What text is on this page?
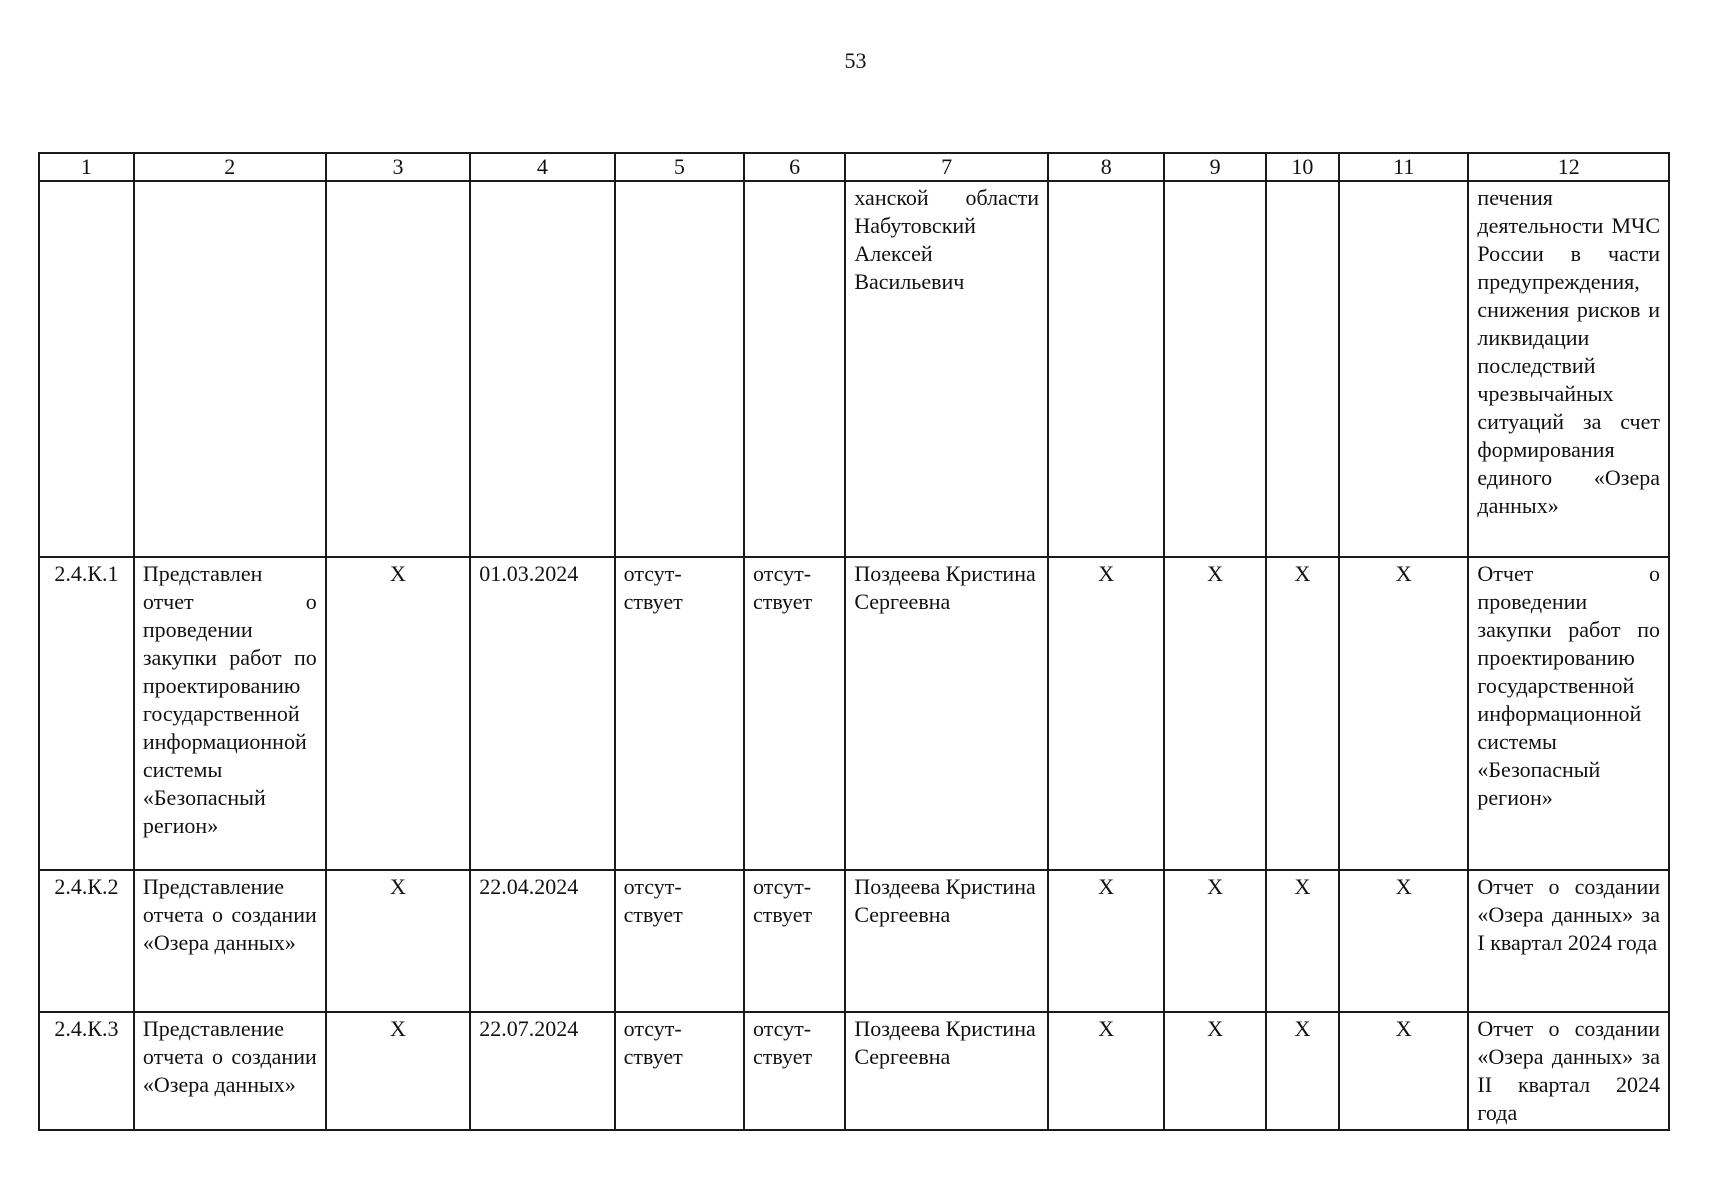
53
1	2	3	4	5	6	7	8	9	10	11	12
						ханской области Набутовский Алексей Васильевич					печения деятельности МЧС России в части предупреждения, снижения рисков и ликвидации последствий чрезвычайных ситуаций за счет формирования единого «Озера данных»
2.4.К.1	Представлен отчет о проведении закупки работ по проектированию государственной информационной системы «Безопасный регион»	X	01.03.2024	отсут-ствует	отсут-ствует	Поздеева Кристина Сергеевна	X	X	X	X	Отчет о проведении закупки работ по проектированию государственной информационной системы «Безопасный регион»
2.4.К.2	Представление отчета о создании «Озера данных»	X	22.04.2024	отсут-ствует	отсут-ствует	Поздеева Кристина Сергеевна	X	X	X	X	Отчет о создании «Озера данных» за I квартал 2024 года
2.4.К.3	Представление отчета о создании «Озера данных»	X	22.07.2024	отсут-ствует	отсут-ствует	Поздеева Кристина Сергеевна	X	X	X	X	Отчет о создании «Озера данных» за II квартал 2024 года
